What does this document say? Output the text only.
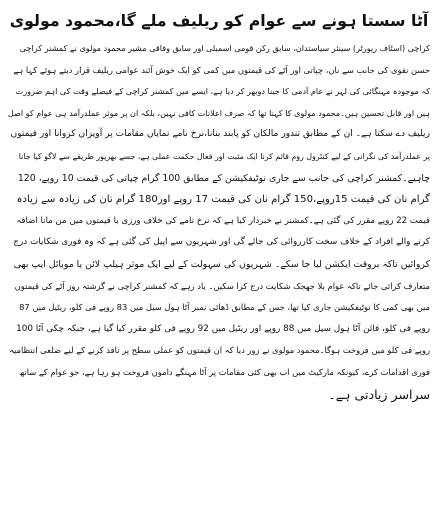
آٹا سستا ہونے سے عوام کو ریلیف ملے گا،محمود مولوی
کراچی (اسٹاف رپورٹر) سینئر سیاستدان، سابق رکن قومی اسمبلی اور سابق وفاقی مشیر محمود مولوی نے کمشنر کراچی
حسن نقوی کی جانب سے نان، چپاتی اور آٹے کی قیمتوں میں کمی کو ایک خوش آئند عوامی ریلیف قرار دیتے ہوئے کہا ہے
کہ موجودہ مہنگائی کی لہر نے عام آدمی کا جینا دوبھر کر دیا ہے، ایسے میں کمشنر کراچی کے فیصلے وقت کی اہم ضرورت
ہیں اور قابل تحسین ہیں۔محمود مولوی کا کہنا تھا کہ صرف اعلانات کافی نہیں، بلکہ ان پر موثر عملدرآمد ہی عوام کو اصل
ریلیف دے سکتا ہے۔ ان کے مطابق تندور مالکان کو پابند بنانا،نرخ نامے نمایاں مقامات پر آویزاں کروانا اور قیمتوں
پر عملدرآمد کی نگرانی کے لیے کنٹرول روم قائم کرنا ایک مثبت اور فعال حکمت عملی ہے، جسے بھرپور طریقے سے لاگو کیا جانا
چاہیے۔کمشنر کراچی کی جانب سے جاری نوٹیفکیشن کے مطابق 100 گرام چپاتی کی قیمت 10 روپے، 120
گرام نان کی قیمت 15روپے،150 گرام نان کی قیمت 17 روپے اور180 گرام نان کی زیادہ سے زیادہ
قیمت 22 روپے مقرر کی گئی ہے۔کمشنر نے خبردار کیا ہے کہ نرخ نامے کی خلاف ورزی یا قیمتوں میں من مانا اضافہ
کرنے والے افراد کے خلاف سخت کارروائی کی جائے گی اور شہریوں سے اپیل کی گئی ہے کہ وہ فوری شکایات درج
کروائیں تاکہ بروقت ایکشن لیا جا سکے۔ شہریوں کی سہولت کے لیے ایک موثر ہیلپ لائن یا موبائل ایپ بھی
متعارف کرائی جائے تاکہ عوام بلا جھجک شکایت درج کرا سکیں۔ یاد رہے کہ کمشنر کراچی نے گزشتہ روز آٹے کی قیمتوں
میں بھی کمی کا نوٹیفکیشن جاری کیا تھا، جس کے مطابق ڈھائی نمبر آٹا ہول سیل میں 83 روپے فی کلو، ریٹیل میں 87
روپے فی کلو، فائن آٹا ہول سیل میں 88 روپے اور ریٹیل میں 92 روپے فی کلو مقرر کیا گیا ہے، جبکہ چکی آٹا 100
روپے فی کلو میں فروخت ہوگا۔محمود مولوی نے زور دیا کہ ان قیمتوں کو عملی سطح پر نافذ کرنے کے لیے ضلعی انتظامیہ
فوری اقدامات کرے، کیونکہ مارکیٹ میں اب بھی کئی مقامات پر آٹا مہنگے داموں فروخت ہو رہا ہے، جو عوام کے ساتھ
سراسر زیادتی ہے۔
